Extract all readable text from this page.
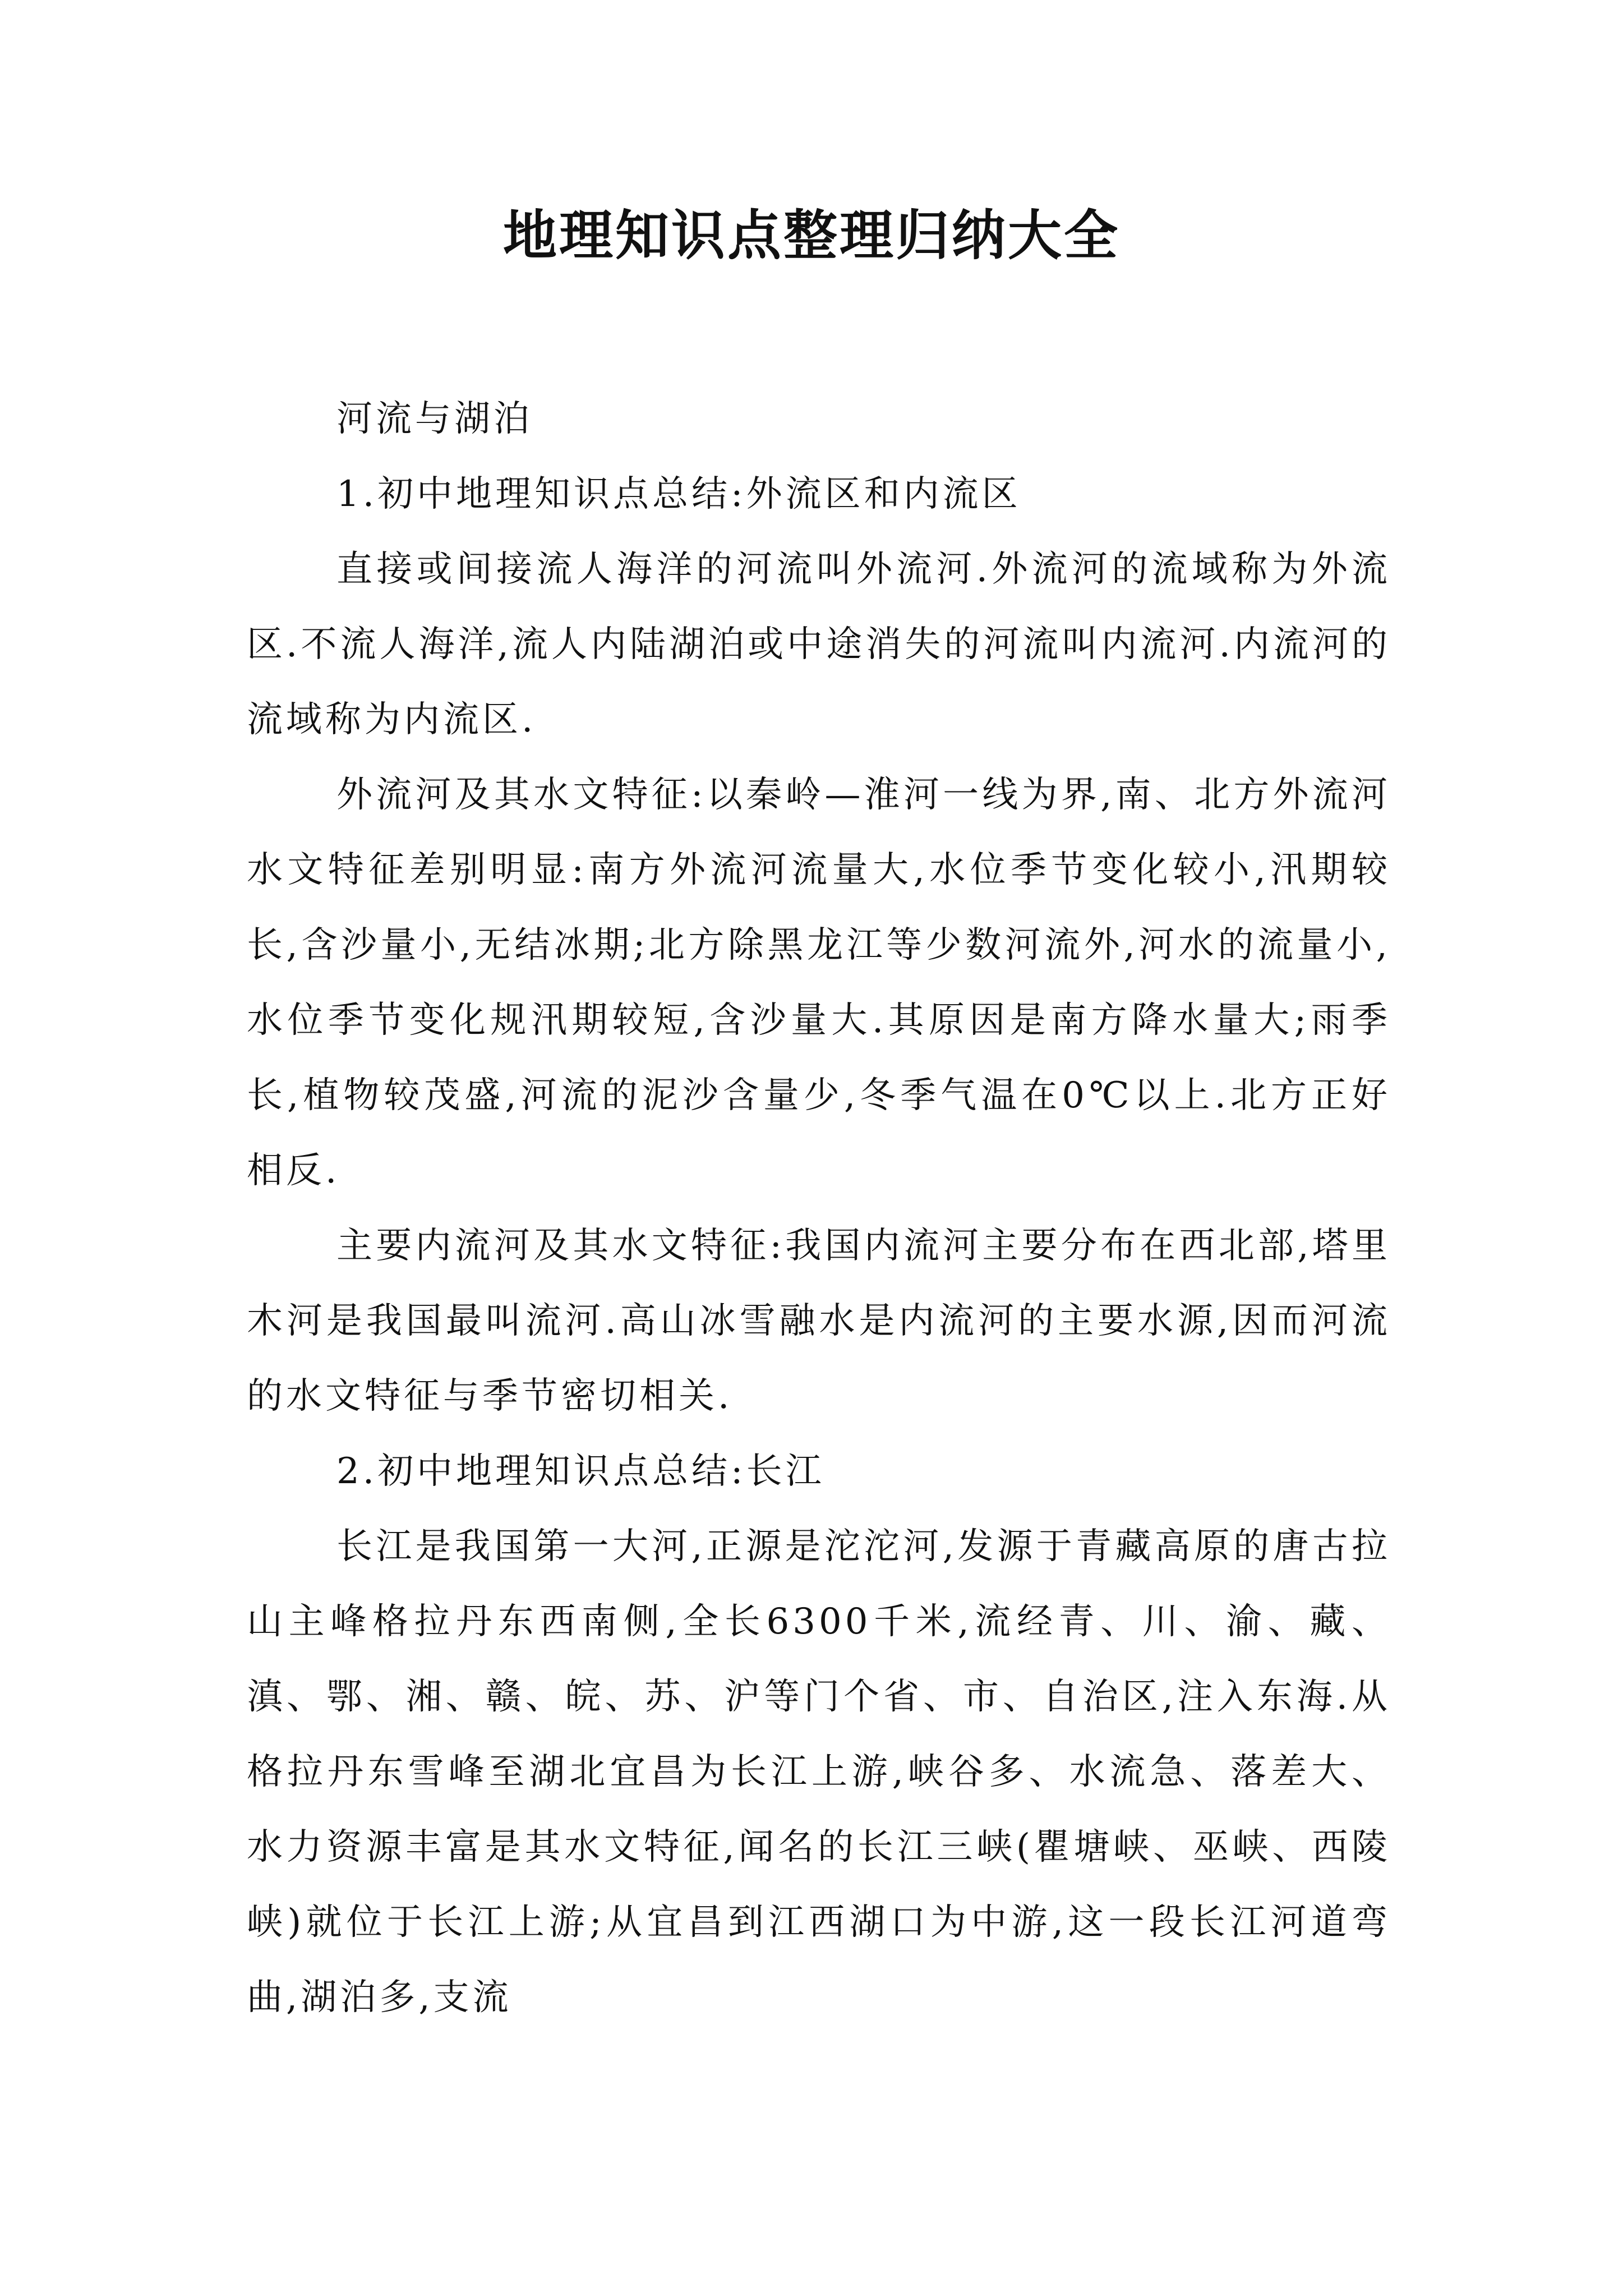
地理知识点整理归纳大全

河流与湖泊

1.初中地理知识点总结:外流区和内流区

直接或间接流人海洋的河流叫外流河.外流河的流域称为外流区.不流人海洋,流人内陆湖泊或中途消失的河流叫内流河.内流河的流域称为内流区.

外流河及其水文特征:以秦岭—淮河一线为界,南、北方外流河水文特征差别明显:南方外流河流量大,水位季节变化较小,汛期较长,含沙量小,无结冰期;北方除黑龙江等少数河流外,河水的流量小,水位季节变化规汛期较短,含沙量大.其原因是南方降水量大;雨季长,植物较茂盛,河流的泥沙含量少,冬季气温在0℃以上.北方正好相反.

主要内流河及其水文特征:我国内流河主要分布在西北部,塔里木河是我国最叫流河.高山冰雪融水是内流河的主要水源,因而河流的水文特征与季节密切相关.

2.初中地理知识点总结:长江

长江是我国第一大河,正源是沱沱河,发源于青藏高原的唐古拉山主峰格拉丹东西南侧,全长6300千米,流经青、川、渝、藏、滇、鄂、湘、赣、皖、苏、沪等门个省、市、自治区,注入东海.从格拉丹东雪峰至湖北宜昌为长江上游,峡谷多、水流急、落差大、水力资源丰富是其水文特征,闻名的长江三峡(瞿塘峡、巫峡、西陵峡)就位于长江上游;从宜昌到江西湖口为中游,这一段长江河道弯曲,湖泊多,支流
